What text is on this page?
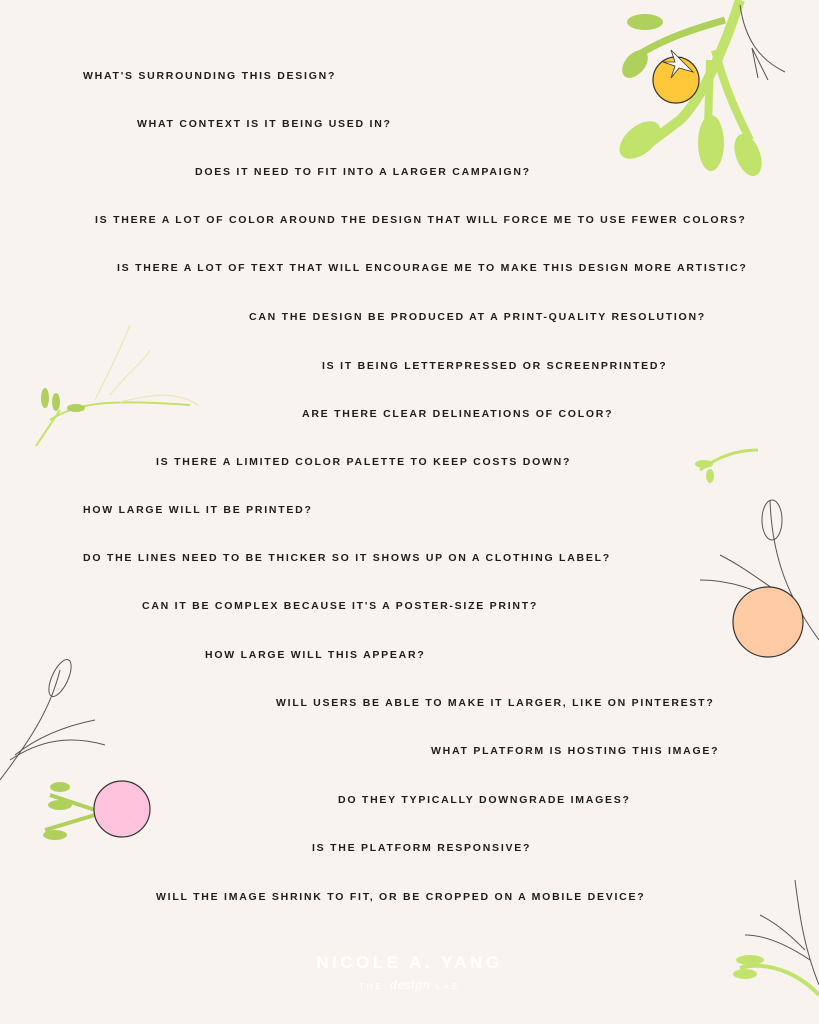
WHAT'S SURROUNDING THIS DESIGN?
WHAT CONTEXT IS IT BEING USED IN?
DOES IT NEED TO FIT INTO A LARGER CAMPAIGN?
IS THERE A LOT OF COLOR AROUND THE DESIGN THAT WILL FORCE ME TO USE FEWER COLORS?
IS THERE A LOT OF TEXT THAT WILL ENCOURAGE ME TO MAKE THIS DESIGN MORE ARTISTIC?
CAN THE DESIGN BE PRODUCED AT A PRINT-QUALITY RESOLUTION?
IS IT BEING LETTERPRESSED OR SCREENPRINTED?
ARE THERE CLEAR DELINEATIONS OF COLOR?
IS THERE A LIMITED COLOR PALETTE TO KEEP COSTS DOWN?
HOW LARGE WILL IT BE PRINTED?
DO THE LINES NEED TO BE THICKER SO IT SHOWS UP ON A CLOTHING LABEL?
CAN IT BE COMPLEX BECAUSE IT'S A POSTER-SIZE PRINT?
HOW LARGE WILL THIS APPEAR?
WILL USERS BE ABLE TO MAKE IT LARGER, LIKE ON PINTEREST?
WHAT PLATFORM IS HOSTING THIS IMAGE?
DO THEY TYPICALLY DOWNGRADE IMAGES?
IS THE PLATFORM RESPONSIVE?
WILL THE IMAGE SHRINK TO FIT, OR BE CROPPED ON A MOBILE DEVICE?
NICOLE A. YANG
THE design LAB
